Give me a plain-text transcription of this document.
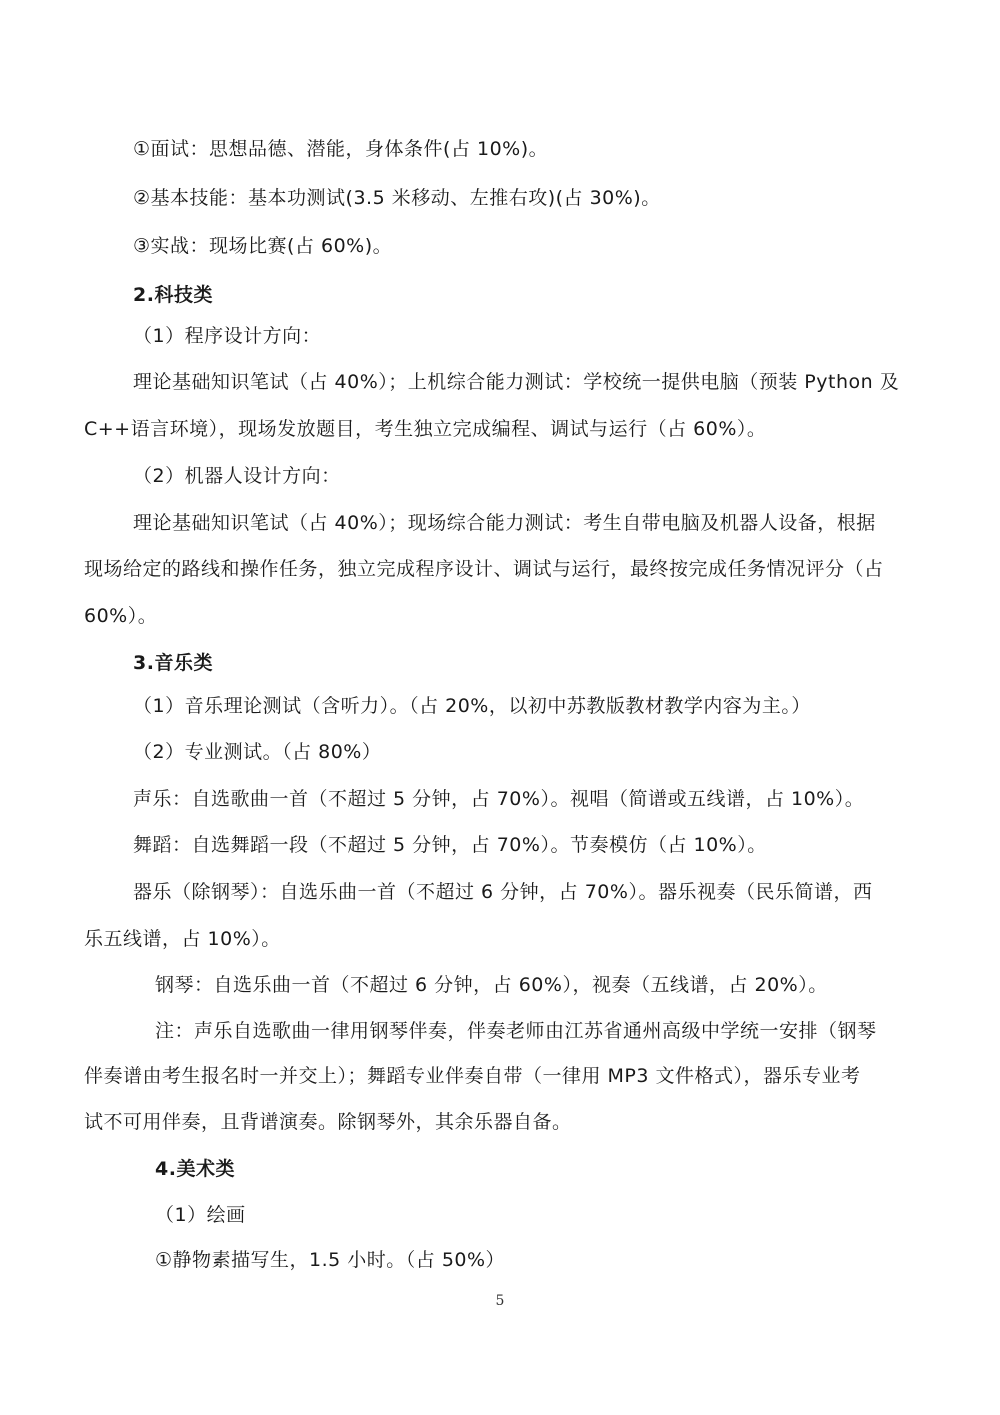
①面试：思想品德、潜能，身体条件(占 10%)。
②基本技能：基本功测试(3.5 米移动、左推右攻)(占 30%)。
③实战：现场比赛(占 60%)。
2.科技类
（1）程序设计方向：
理论基础知识笔试（占 40%）；上机综合能力测试：学校统一提供电脑（预装 Python 及
C++语言环境），现场发放题目，考生独立完成编程、调试与运行（占 60%）。
（2）机器人设计方向：
理论基础知识笔试（占 40%）；现场综合能力测试：考生自带电脑及机器人设备，根据
现场给定的路线和操作任务，独立完成程序设计、调试与运行，最终按完成任务情况评分（占
60%）。
3.音乐类
（1）音乐理论测试（含听力）。（占 20%，以初中苏教版教材教学内容为主。）
（2）专业测试。（占 80%）
声乐：自选歌曲一首（不超过 5 分钟，占 70%）。视唱（简谱或五线谱，占 10%）。
舞蹈：自选舞蹈一段（不超过 5 分钟，占 70%）。节奏模仿（占 10%）。
器乐（除钢琴）：自选乐曲一首（不超过 6 分钟，占 70%）。器乐视奏（民乐简谱，西
乐五线谱，占 10%）。
钢琴：自选乐曲一首（不超过 6 分钟，占 60%），视奏（五线谱，占 20%）。
注：声乐自选歌曲一律用钢琴伴奏，伴奏老师由江苏省通州高级中学统一安排（钢琴
伴奏谱由考生报名时一并交上）；舞蹈专业伴奏自带（一律用 MP3 文件格式），器乐专业考
试不可用伴奏，且背谱演奏。除钢琴外，其余乐器自备。
4.美术类
（1）绘画
①静物素描写生，1.5 小时。（占 50%）
5
